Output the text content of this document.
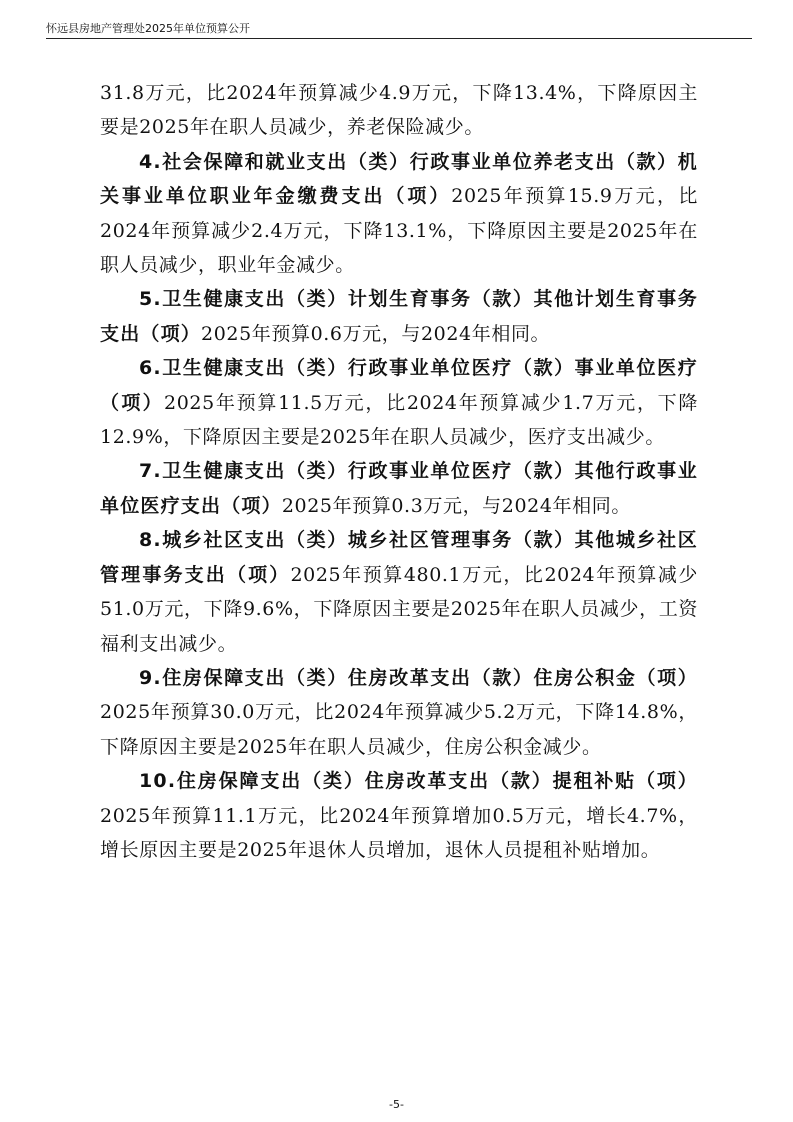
怀远县房地产管理处2025年单位预算公开

31.8万元，比2024年预算减少4.9万元，下降13.4%，下降原因主要是2025年在职人员减少，养老保险减少。

4.社会保障和就业支出（类）行政事业单位养老支出（款）机关事业单位职业年金缴费支出（项）2025年预算15.9万元，比2024年预算减少2.4万元，下降13.1%，下降原因主要是2025年在职人员减少，职业年金减少。

5.卫生健康支出（类）计划生育事务（款）其他计划生育事务支出（项）2025年预算0.6万元，与2024年相同。

6.卫生健康支出（类）行政事业单位医疗（款）事业单位医疗（项）2025年预算11.5万元，比2024年预算减少1.7万元，下降12.9%，下降原因主要是2025年在职人员减少，医疗支出减少。

7.卫生健康支出（类）行政事业单位医疗（款）其他行政事业单位医疗支出（项）2025年预算0.3万元，与2024年相同。

8.城乡社区支出（类）城乡社区管理事务（款）其他城乡社区管理事务支出（项）2025年预算480.1万元，比2024年预算减少51.0万元，下降9.6%，下降原因主要是2025年在职人员减少，工资福利支出减少。

9.住房保障支出（类）住房改革支出（款）住房公积金（项）2025年预算30.0万元，比2024年预算减少5.2万元，下降14.8%，下降原因主要是2025年在职人员减少，住房公积金减少。

10.住房保障支出（类）住房改革支出（款）提租补贴（项）2025年预算11.1万元，比2024年预算增加0.5万元，增长4.7%，增长原因主要是2025年退休人员增加，退休人员提租补贴增加。

-5-
